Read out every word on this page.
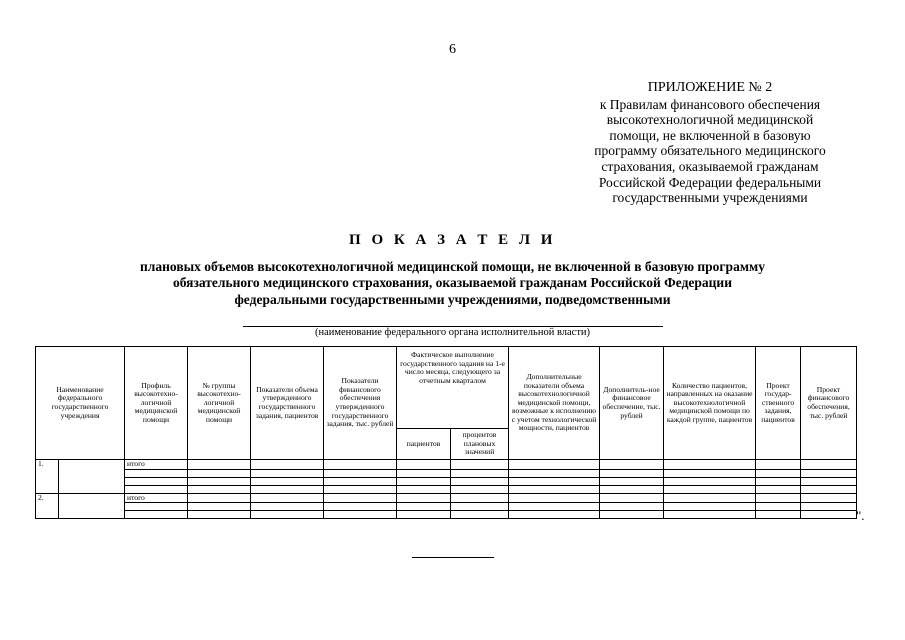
6
ПРИЛОЖЕНИЕ № 2
к Правилам финансового обеспечения
высокотехнологичной медицинской
помощи, не включенной в базовую
программу обязательного медицинского
страхования, оказываемой гражданам
Российской Федерации федеральными
государственными учреждениями
П О К А З А Т Е Л И
плановых объемов высокотехнологичной медицинской помощи, не включенной в базовую программу
обязательного медицинского страхования, оказываемой гражданам Российской Федерации
федеральными государственными учреждениями, подведомственными
(наименование федерального органа исполнительной власти)
Наименование федерального государственного учреждения		Профиль высокотехно-логичной медицинской помощи	№ группы высокотехно-логичной медицинской помощи	Показатели объема утвержденного государственного задания, пациентов	Показатели финансового обеспечения утвержденного государственного задания, тыс. рублей	Фактическое выполнение государственного задания на 1-е число месяца, следующего за отчетным кварталом		Дополнительные показатели объема высокотехнологичной медицинской помощи, возможные к исполнению с учетом технологической мощности, пациентов	Дополнитель-ное финансовое обеспечение, тыс. рублей	Количество пациентов, направленных на оказание высокотехнологичной медицинской помощи по каждой группе, пациентов	Проект государ-ственного задания, пациентов	Проект финансового обеспечения, тыс. рублей
						пациентов	процентов плановых значений					
1.		итого										

2.		итого										

".
